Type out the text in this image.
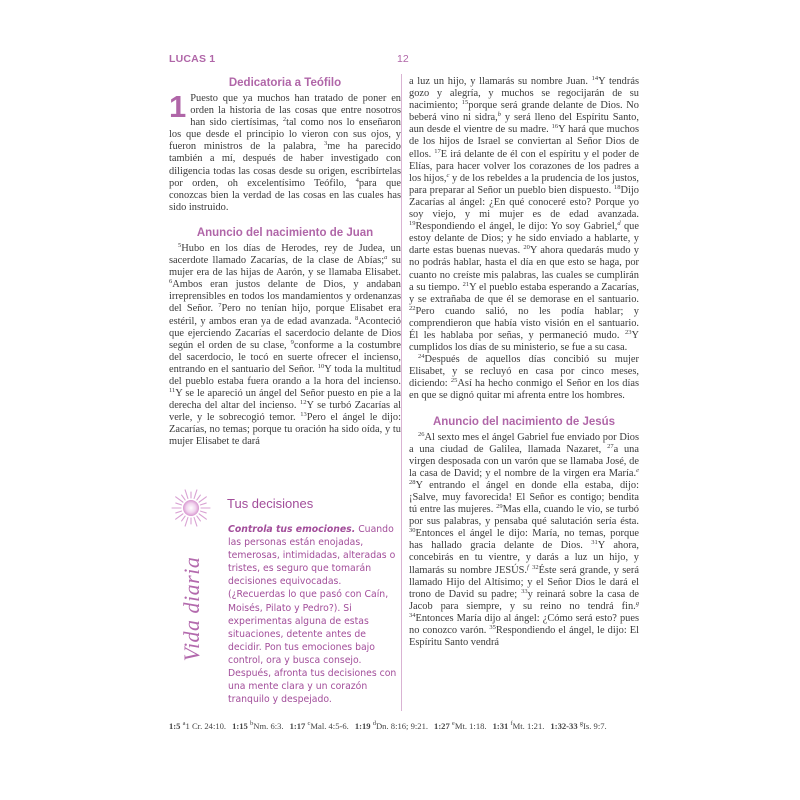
LUCAS 1	12
Dedicatoria a Teófilo

1 Puesto que ya muchos han tratado de poner en orden la historia de las cosas que entre nosotros han sido ciertísimas, $^2$tal como nos lo enseñaron los que desde el principio lo vieron con sus ojos, y fueron ministros de la palabra, $^3$me ha parecido también a mí, después de haber investigado con diligencia todas las cosas desde su origen, escribírtelas por orden, oh excelentísimo Teófilo, $^4$para que conozcas bien la verdad de las cosas en las cuales has sido instruido.

Anuncio del nacimiento de Juan

$^5$Hubo en los días de Herodes, rey de Judea, un sacerdote llamado Zacarías, de la clase de Abías;$^a$ su mujer era de las hijas de Aarón, y se llamaba Elisabet. $^6$Ambos eran justos delante de Dios, y andaban irreprensibles en todos los mandamientos y ordenanzas del Señor. $^7$Pero no tenían hijo, porque Elisabet era estéril, y ambos eran ya de edad avanzada. $^8$Aconteció que ejerciendo Zacarías el sacerdocio delante de Dios según el orden de su clase, $^9$conforme a la costumbre del sacerdocio, le tocó en suerte ofrecer el incienso, entrando en el santuario del Señor. $^{10}$Y toda la multitud del pueblo estaba fuera orando a la hora del incienso. $^{11}$Y se le apareció un ángel del Señor puesto en pie a la derecha del altar del incienso. $^{12}$Y se turbó Zacarías al verle, y le sobrecogió temor. $^{13}$Pero el ángel le dijo: Zacarías, no temas; porque tu oración ha sido oída, y tu mujer Elisabet te dará

Tus decisiones
Vida diaria
Controla tus emociones. Cuando las personas están enojadas, temerosas, intimidadas, alteradas o tristes, es seguro que tomarán decisiones equivocadas. (¿Recuerdas lo que pasó con Caín, Moisés, Pilato y Pedro?). Si experimentas alguna de estas situaciones, detente antes de decidir. Pon tus emociones bajo control, ora y busca consejo. Después, afronta tus decisiones con una mente clara y un corazón tranquilo y despejado.

a luz un hijo, y llamarás su nombre Juan. $^{14}$Y tendrás gozo y alegría, y muchos se regocijarán de su nacimiento; $^{15}$porque será grande delante de Dios. No beberá vino ni sidra,$^b$ y será lleno del Espíritu Santo, aun desde el vientre de su madre. $^{16}$Y hará que muchos de los hijos de Israel se conviertan al Señor Dios de ellos. $^{17}$E irá delante de él con el espíritu y el poder de Elías, para hacer volver los corazones de los padres a los hijos,$^c$ y de los rebeldes a la prudencia de los justos, para preparar al Señor un pueblo bien dispuesto. $^{18}$Dijo Zacarías al ángel: ¿En qué conoceré esto? Porque yo soy viejo, y mi mujer es de edad avanzada. $^{19}$Respondiendo el ángel, le dijo: Yo soy Gabriel,$^d$ que estoy delante de Dios; y he sido enviado a hablarte, y darte estas buenas nuevas. $^{20}$Y ahora quedarás mudo y no podrás hablar, hasta el día en que esto se haga, por cuanto no creíste mis palabras, las cuales se cumplirán a su tiempo. $^{21}$Y el pueblo estaba esperando a Zacarías, y se extrañaba de que él se demorase en el santuario. $^{22}$Pero cuando salió, no les podía hablar; y comprendieron que había visto visión en el santuario. Él les hablaba por señas, y permaneció mudo. $^{23}$Y cumplidos los días de su ministerio, se fue a su casa.

$^{24}$Después de aquellos días concibió su mujer Elisabet, y se recluyó en casa por cinco meses, diciendo: $^{25}$Así ha hecho conmigo el Señor en los días en que se dignó quitar mi afrenta entre los hombres.

Anuncio del nacimiento de Jesús

$^{26}$Al sexto mes el ángel Gabriel fue enviado por Dios a una ciudad de Galilea, llamada Nazaret, $^{27}$a una virgen desposada con un varón que se llamaba José, de la casa de David; y el nombre de la virgen era María.$^e$ $^{28}$Y entrando el ángel en donde ella estaba, dijo: ¡Salve, muy favorecida! El Señor es contigo; bendita tú entre las mujeres. $^{29}$Mas ella, cuando le vio, se turbó por sus palabras, y pensaba qué salutación sería ésta. $^{30}$Entonces el ángel le dijo: María, no temas, porque has hallado gracia delante de Dios. $^{31}$Y ahora, concebirás en tu vientre, y darás a luz un hijo, y llamarás su nombre JESÚS.$^f$ $^{32}$Éste será grande, y será llamado Hijo del Altísimo; y el Señor Dios le dará el trono de David su padre; $^{33}$y reinará sobre la casa de Jacob para siempre, y su reino no tendrá fin.$^g$ $^{34}$Entonces María dijo al ángel: ¿Cómo será esto? pues no conozco varón. $^{35}$Respondiendo el ángel, le dijo: El Espíritu Santo vendrá

1:5 $^a$1 Cr. 24:10. 1:15 $^b$Nm. 6:3. 1:17 $^c$Mal. 4:5-6. 1:19 $^d$Dn. 8:16; 9:21. 1:27 $^e$Mt. 1:18. 1:31 $^f$Mt. 1:21. 1:32-33 $^g$Is. 9:7.
